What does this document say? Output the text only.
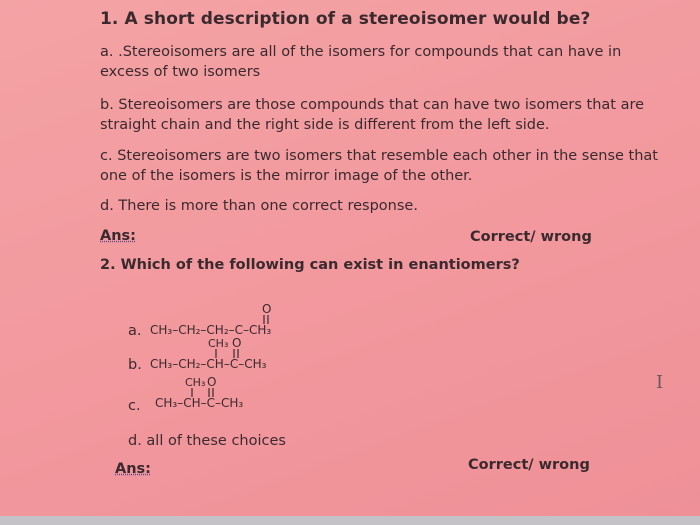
1. A short description of a stereoisomer would be?
a. .Stereoisomers are all of the isomers for compounds that can have in
excess of two isomers
b. Stereoisomers are those compounds that can have two isomers that are
straight chain and the right side is different from the left side.
c. Stereoisomers are two isomers that resemble each other in the sense that
one of the isomers is the mirror image of the other.
d. There is more than one correct response.
Ans:	Correct/ wrong
2. Which of the following can exist in enantiomers?
a.
O
CH₃–CH₂–CH₂–C–CH₃
b.
CH₃ O
CH₃–CH₂–CH–C–CH₃
c.
CH₃ O
CH₃–CH–C–CH₃
d. all of these choices
Ans:	Correct/ wrong
I
